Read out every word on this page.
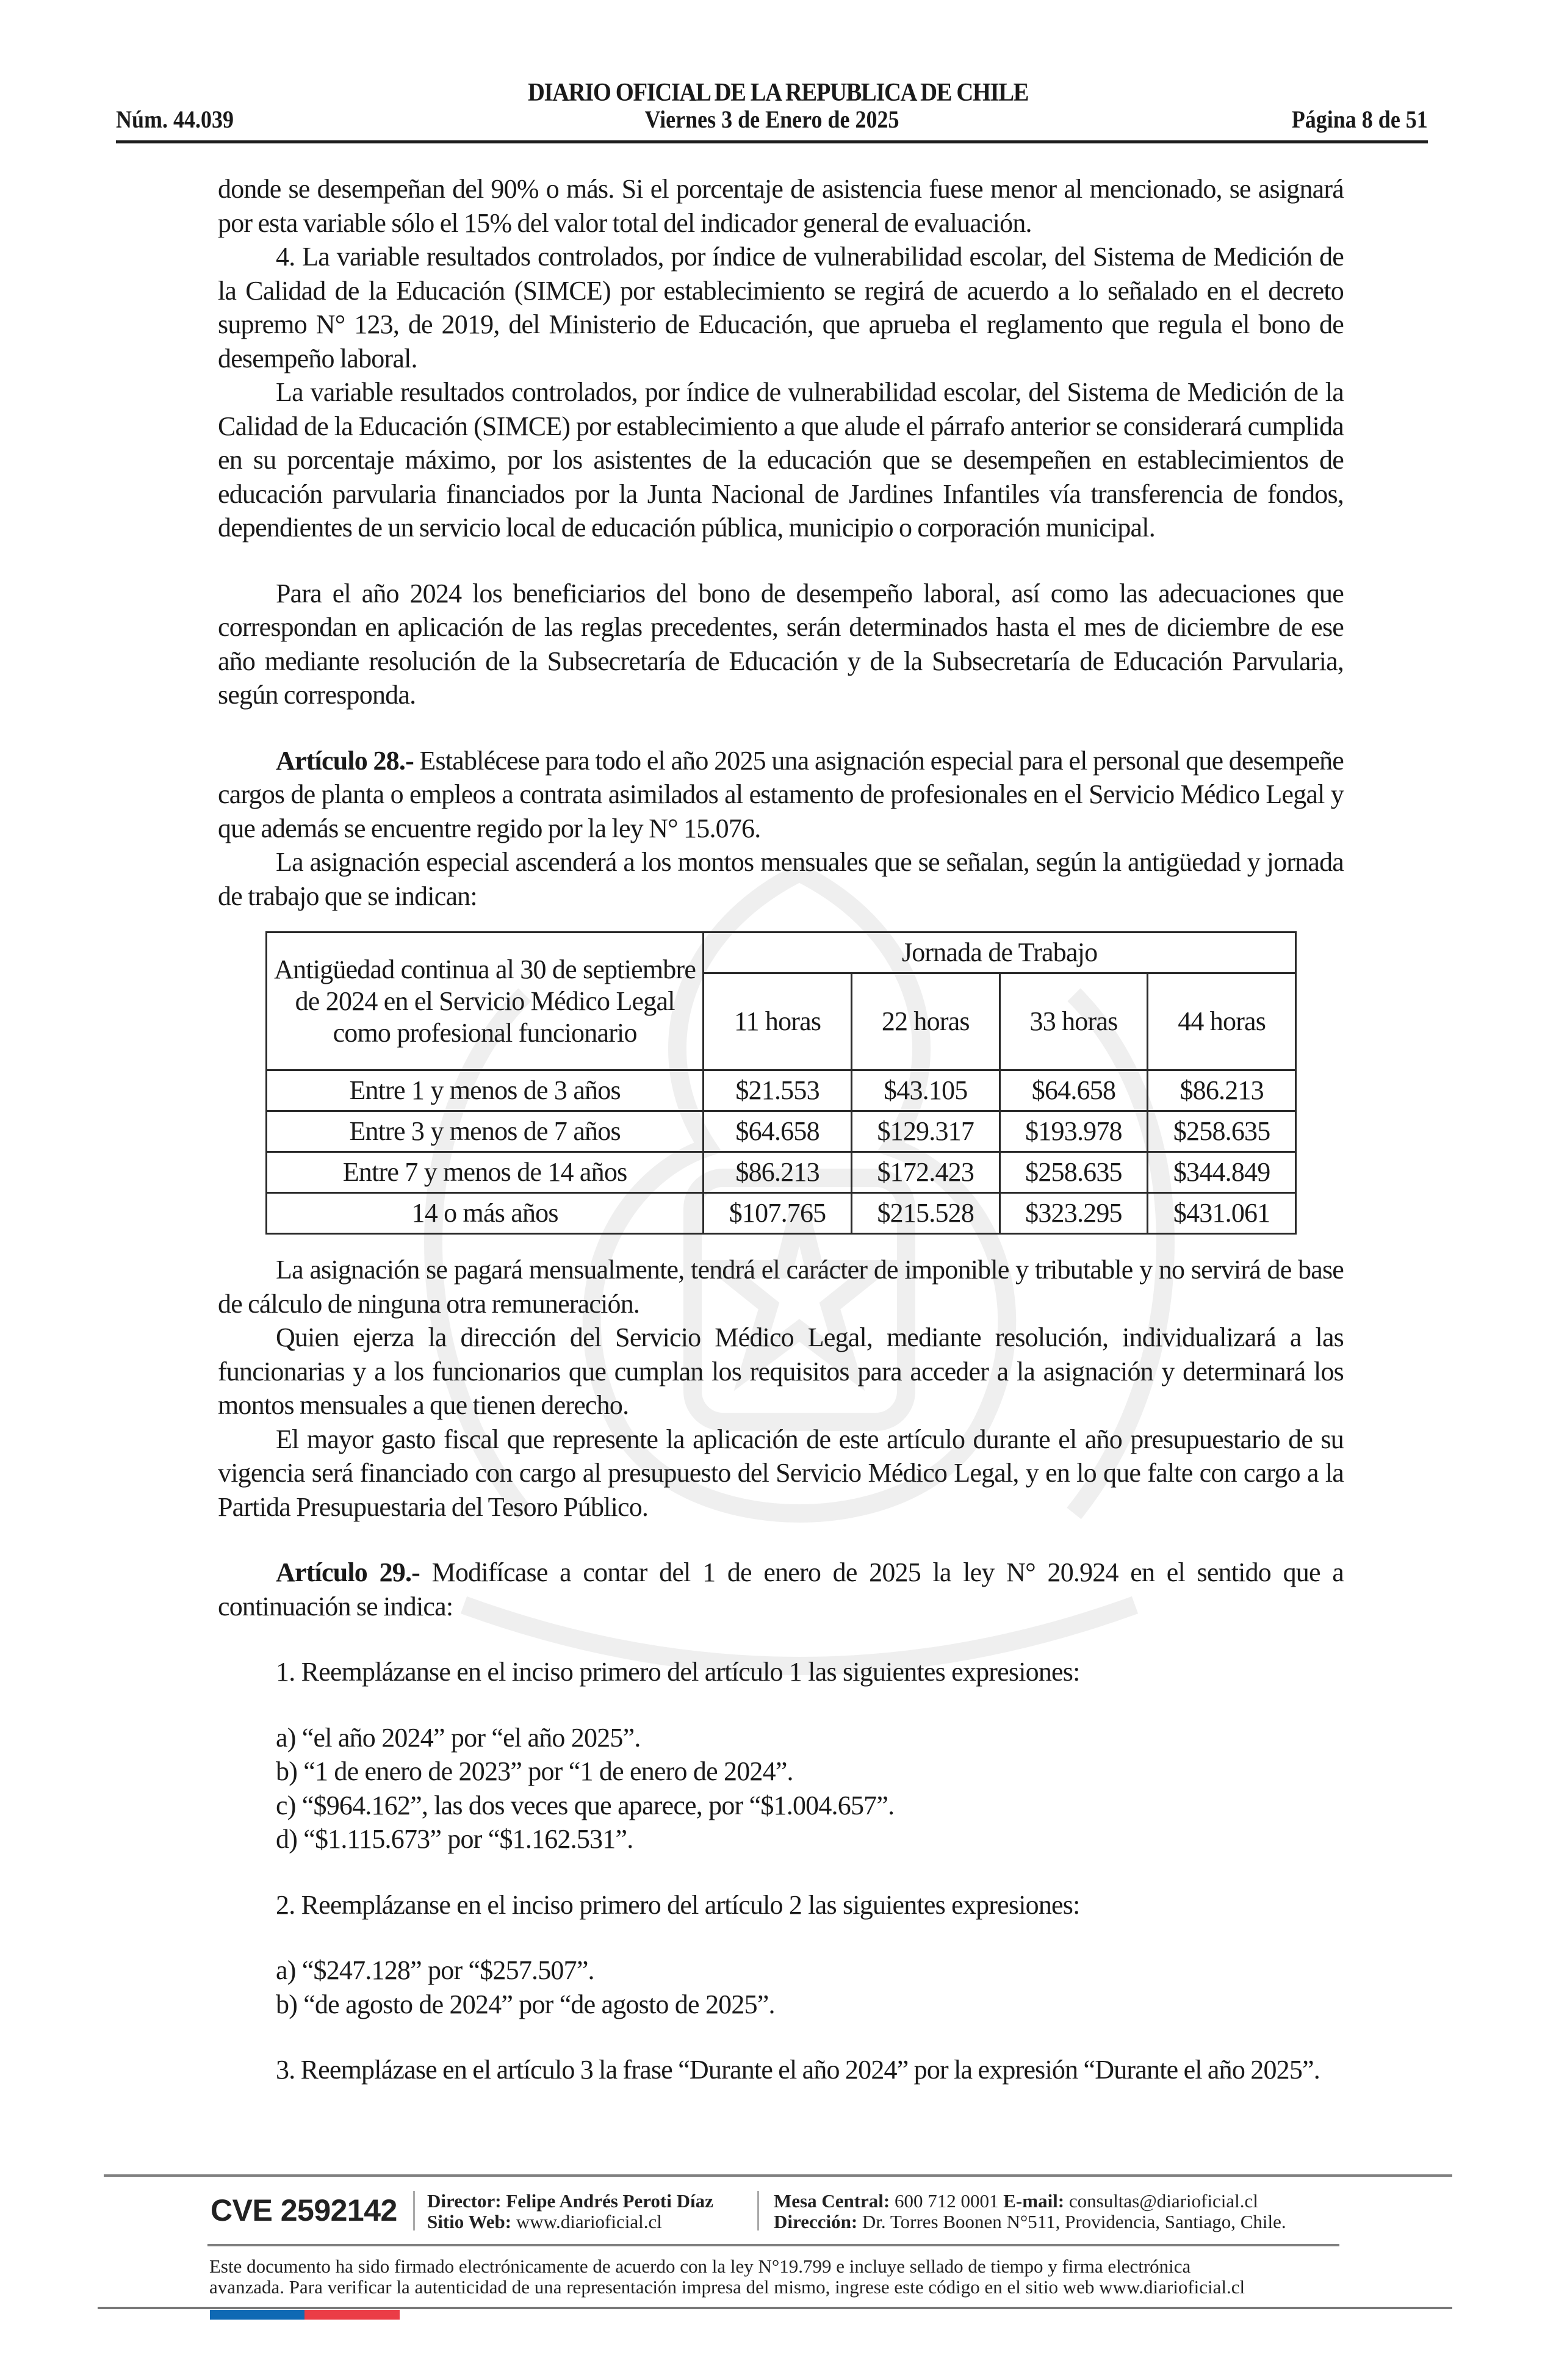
DIARIO OFICIAL DE LA REPUBLICA DE CHILE
Núm. 44.039	Viernes 3 de Enero de 2025	Página 8 de 51

donde se desempeñan del 90% o más. Si el porcentaje de asistencia fuese menor al mencionado, se asignará por esta variable sólo el 15% del valor total del indicador general de evaluación.

4. La variable resultados controlados, por índice de vulnerabilidad escolar, del Sistema de Medición de la Calidad de la Educación (SIMCE) por establecimiento se regirá de acuerdo a lo señalado en el decreto supremo N° 123, de 2019, del Ministerio de Educación, que aprueba el reglamento que regula el bono de desempeño laboral.

La variable resultados controlados, por índice de vulnerabilidad escolar, del Sistema de Medición de la Calidad de la Educación (SIMCE) por establecimiento a que alude el párrafo anterior se considerará cumplida en su porcentaje máximo, por los asistentes de la educación que se desempeñen en establecimientos de educación parvularia financiados por la Junta Nacional de Jardines Infantiles vía transferencia de fondos, dependientes de un servicio local de educación pública, municipio o corporación municipal.

Para el año 2024 los beneficiarios del bono de desempeño laboral, así como las adecuaciones que correspondan en aplicación de las reglas precedentes, serán determinados hasta el mes de diciembre de ese año mediante resolución de la Subsecretaría de Educación y de la Subsecretaría de Educación Parvularia, según corresponda.

Artículo 28.- Establécese para todo el año 2025 una asignación especial para el personal que desempeñe cargos de planta o empleos a contrata asimilados al estamento de profesionales en el Servicio Médico Legal y que además se encuentre regido por la ley N° 15.076.

La asignación especial ascenderá a los montos mensuales que se señalan, según la antigüedad y jornada de trabajo que se indican:

Antigüedad continua al 30 de septiembre de 2024 en el Servicio Médico Legal como profesional funcionario	Jornada de Trabajo			
	11 horas	22 horas	33 horas	44 horas
Entre 1 y menos de 3 años	$21.553	$43.105	$64.658	$86.213
Entre 3 y menos de 7 años	$64.658	$129.317	$193.978	$258.635
Entre 7 y menos de 14 años	$86.213	$172.423	$258.635	$344.849
14 o más años	$107.765	$215.528	$323.295	$431.061

La asignación se pagará mensualmente, tendrá el carácter de imponible y tributable y no servirá de base de cálculo de ninguna otra remuneración.

Quien ejerza la dirección del Servicio Médico Legal, mediante resolución, individualizará a las funcionarias y a los funcionarios que cumplan los requisitos para acceder a la asignación y determinará los montos mensuales a que tienen derecho.

El mayor gasto fiscal que represente la aplicación de este artículo durante el año presupuestario de su vigencia será financiado con cargo al presupuesto del Servicio Médico Legal, y en lo que falte con cargo a la Partida Presupuestaria del Tesoro Público.

Artículo 29.- Modifícase a contar del 1 de enero de 2025 la ley N° 20.924 en el sentido que a continuación se indica:

1. Reemplázanse en el inciso primero del artículo 1 las siguientes expresiones:

a) “el año 2024” por “el año 2025”.

b) “1 de enero de 2023” por “1 de enero de 2024”.

c) “$964.162”, las dos veces que aparece, por “$1.004.657”.

d) “$1.115.673” por “$1.162.531”.

2. Reemplázanse en el inciso primero del artículo 2 las siguientes expresiones:

a) “$247.128” por “$257.507”.

b) “de agosto de 2024” por “de agosto de 2025”.

3. Reemplázase en el artículo 3 la frase “Durante el año 2024” por la expresión “Durante el año 2025”.

CVE 2592142 Director: Felipe Andrés Peroti Díaz
Sitio Web: www.diarioficial.cl
Mesa Central: 600 712 0001 E-mail: consultas@diarioficial.cl
Dirección: Dr. Torres Boonen N°511, Providencia, Santiago, Chile.
Este documento ha sido firmado electrónicamente de acuerdo con la ley N°19.799 e incluye sellado de tiempo y firma electrónica
avanzada. Para verificar la autenticidad de una representación impresa del mismo, ingrese este código en el sitio web www.diarioficial.cl
